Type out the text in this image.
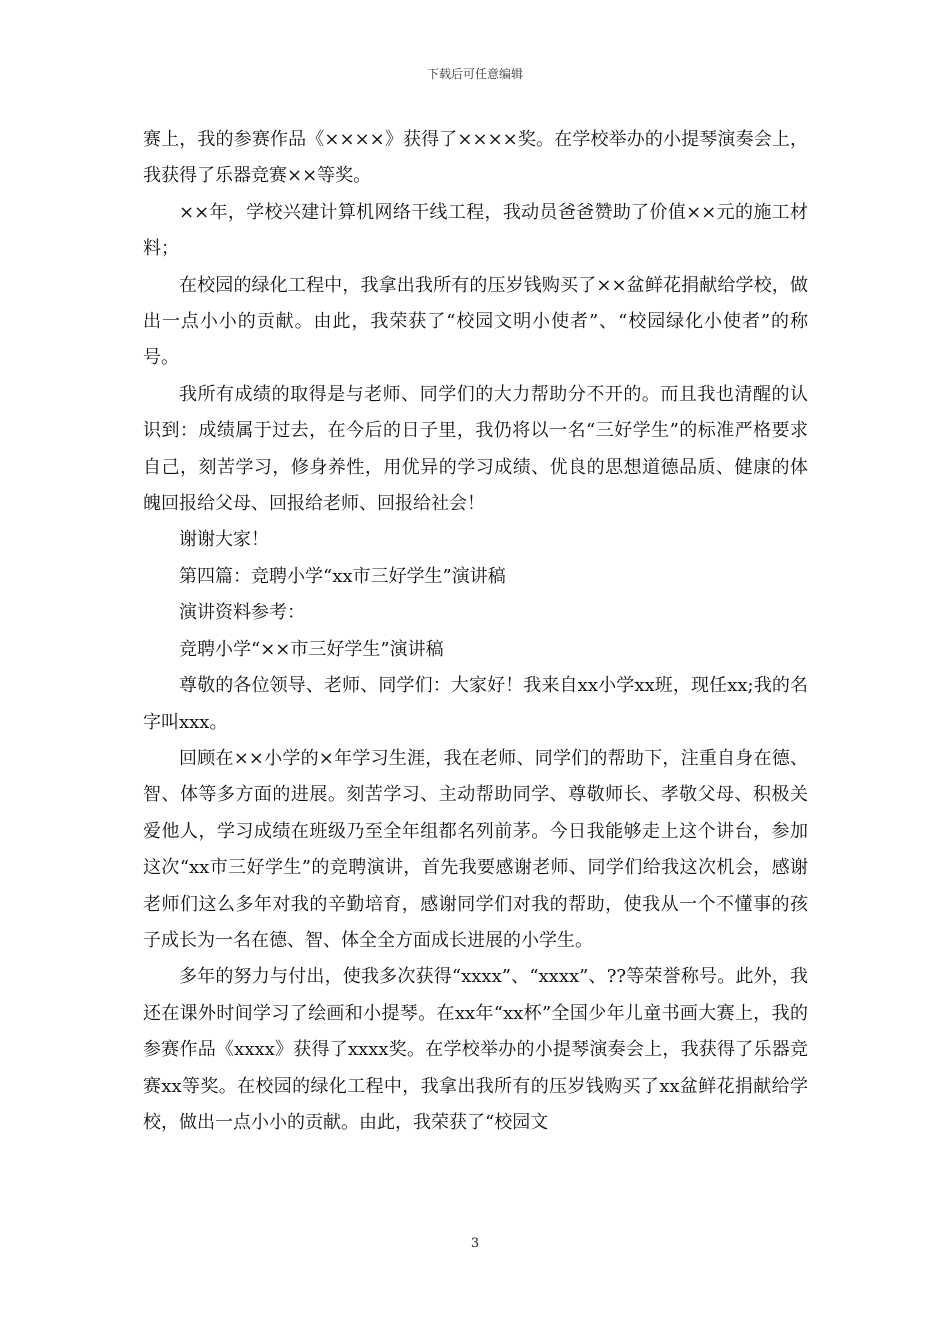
下载后可任意编辑

赛上，我的参赛作品《××××》获得了××××奖。在学校举办的小提琴演奏会上，我获得了乐器竞赛××等奖。

××年，学校兴建计算机网络干线工程，我动员爸爸赞助了价值××元的施工材料；

在校园的绿化工程中，我拿出我所有的压岁钱购买了××盆鲜花捐献给学校，做出一点小小的贡献。由此，我荣获了“校园文明小使者”、“校园绿化小使者”的称号。

我所有成绩的取得是与老师、同学们的大力帮助分不开的。而且我也清醒的认识到：成绩属于过去，在今后的日子里，我仍将以一名“三好学生”的标准严格要求自己，刻苦学习，修身养性，用优异的学习成绩、优良的思想道德品质、健康的体魄回报给父母、回报给老师、回报给社会！

谢谢大家！

第四篇：竞聘小学“xx市三好学生”演讲稿

演讲资料参考：

竞聘小学“××市三好学生”演讲稿

尊敬的各位领导、老师、同学们：大家好！我来自xx小学xx班，现任xx;我的名字叫xxx。

回顾在××小学的×年学习生涯，我在老师、同学们的帮助下，注重自身在德、智、体等多方面的进展。刻苦学习、主动帮助同学、尊敬师长、孝敬父母、积极关爱他人，学习成绩在班级乃至全年组都名列前茅。今日我能够走上这个讲台，参加这次“xx市三好学生”的竞聘演讲，首先我要感谢老师、同学们给我这次机会，感谢老师们这么多年对我的辛勤培育，感谢同学们对我的帮助，使我从一个不懂事的孩子成长为一名在德、智、体全全方面成长进展的小学生。

多年的努力与付出，使我多次获得“xxxx”、“xxxx”、??等荣誉称号。此外，我还在课外时间学习了绘画和小提琴。在xx年“xx杯”全国少年儿童书画大赛上，我的参赛作品《xxxx》获得了xxxx奖。在学校举办的小提琴演奏会上，我获得了乐器竞赛xx等奖。在校园的绿化工程中，我拿出我所有的压岁钱购买了xx盆鲜花捐献给学校，做出一点小小的贡献。由此，我荣获了“校园文

3
